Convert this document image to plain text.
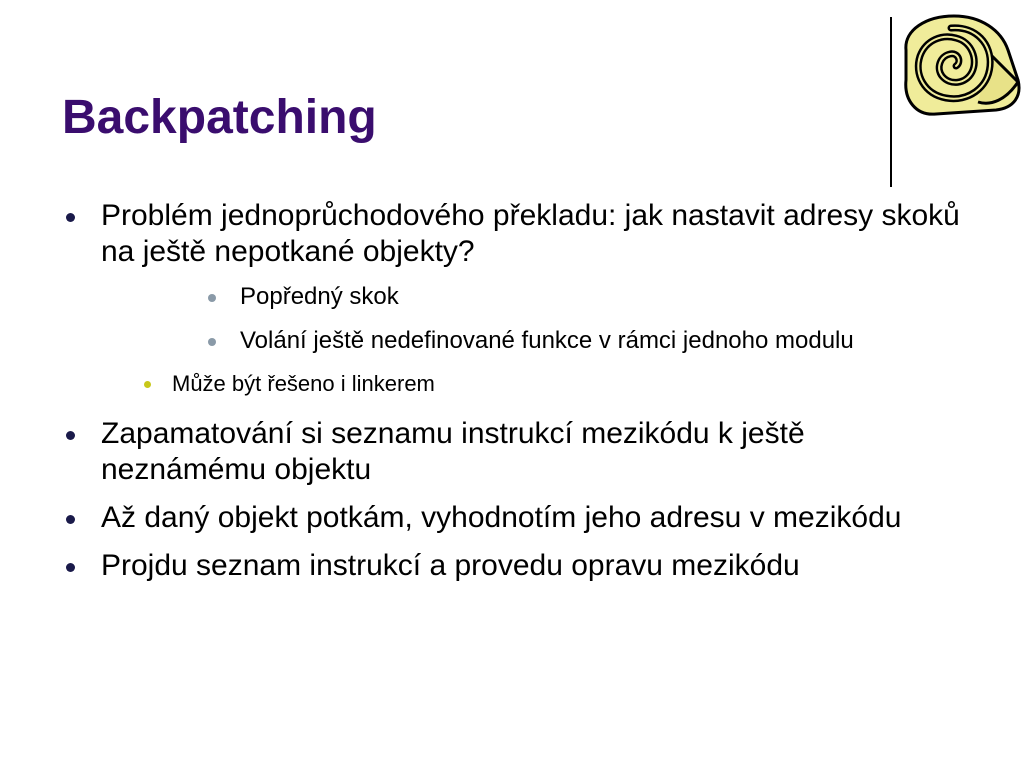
Backpatching
Problém jednoprůchodového překladu: jak nastavit adresy skoků na ještě nepotkané objekty?
Popředný skok
Volání ještě nedefinované funkce v rámci jednoho modulu
Může být řešeno i linkerem
Zapamatování si seznamu instrukcí mezikódu k ještě neznámému objektu
Až daný objekt potkám, vyhodnotím jeho adresu v mezikódu
Projdu seznam instrukcí a provedu opravu mezikódu
